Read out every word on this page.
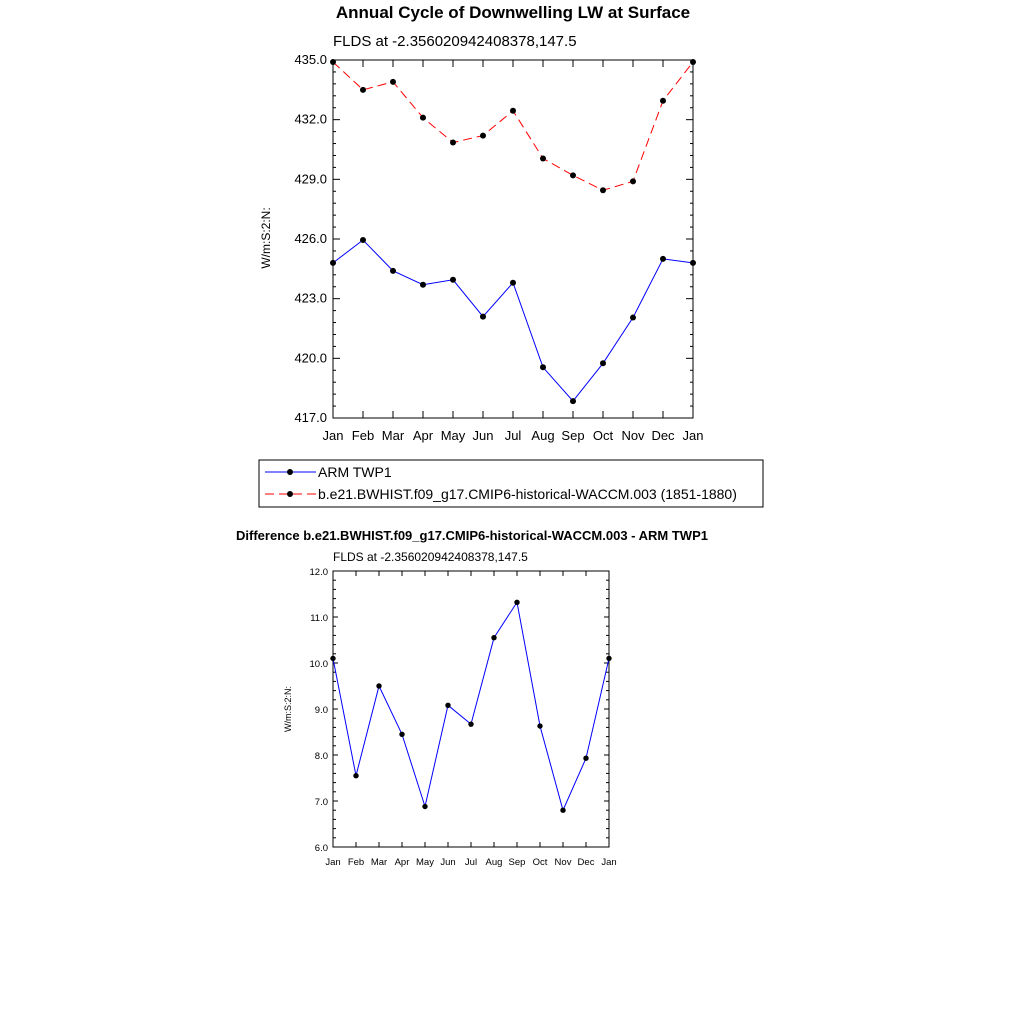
Annual Cycle of Downwelling LW at Surface
FLDS at -2.356020942408378,147.5
W/m:S:2:N:
417.0
420.0
423.0
426.0
429.0
432.0
435.0
Jan Feb Mar Apr May Jun Jul Aug Sep Oct Nov Dec Jan
ARM TWP1
b.e21.BWHIST.f09_g17.CMIP6-historical-WACCM.003 (1851-1880)
Difference b.e21.BWHIST.f09_g17.CMIP6-historical-WACCM.003 - ARM TWP1
FLDS at -2.356020942408378,147.5
W/m:S:2:N:
6.0
7.0
8.0
9.0
10.0
11.0
12.0
Jan Feb Mar Apr May Jun Jul Aug Sep Oct Nov Dec Jan
